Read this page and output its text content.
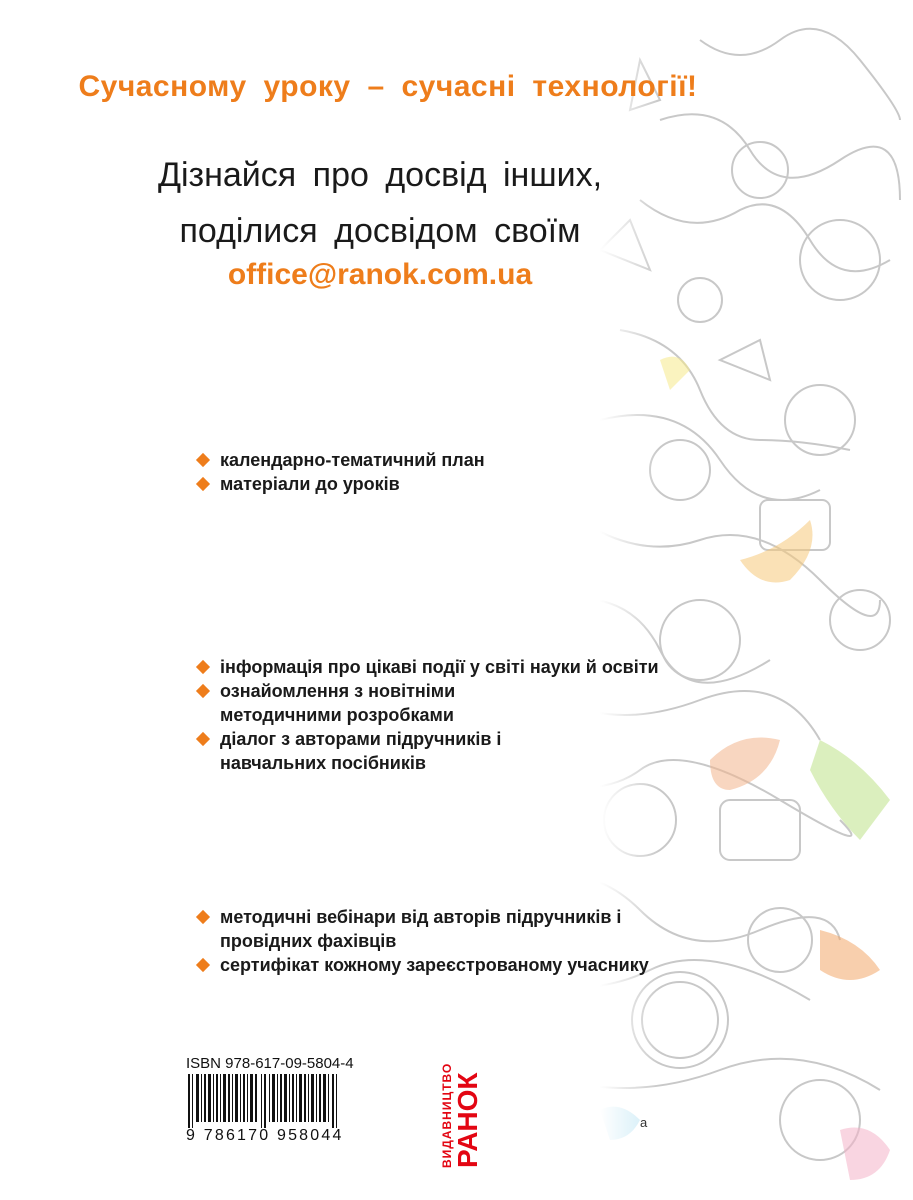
Сучасному уроку – сучасні технології!
Дізнайся про досвід інших,
поділися досвідом своїм
office@ranok.com.ua
календарно-тематичний план
матеріали до уроків
інформація про цікаві події у світі науки й освіти
ознайомлення з новітніми методичними розробками
діалог з авторами підручників і навчальних посібників
методичні вебінари від авторів підручників і провідних фахівців
сертифікат кожному зареєстрованому учаснику
ISBN 978-617-09-5804-4
9 786170 958044	ВИДАВНИЦТВО
РАНОК	a
